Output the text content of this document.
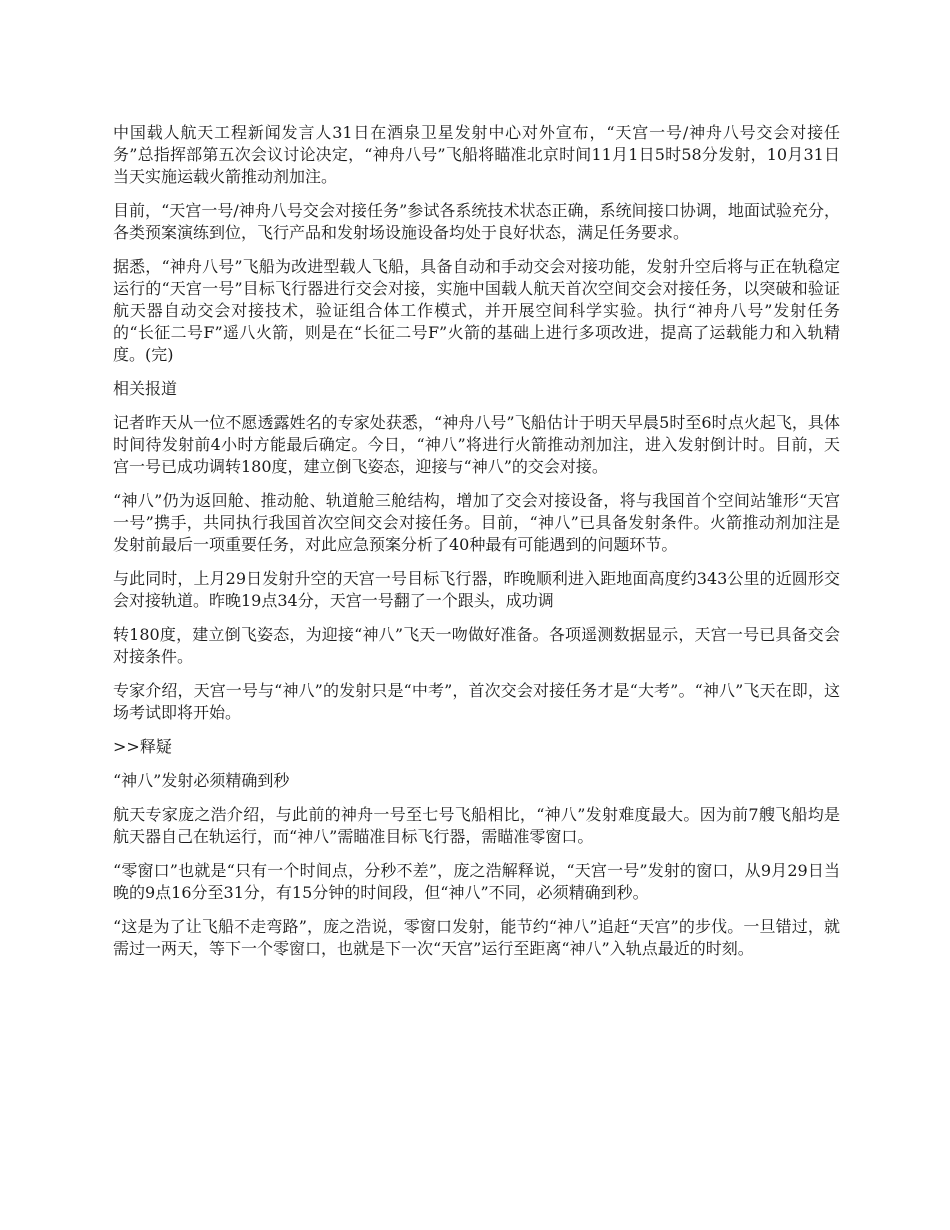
中国载人航天工程新闻发言人31日在酒泉卫星发射中心对外宣布，“天宫一号/神舟八号交会对接任务”总指挥部第五次会议讨论决定，“神舟八号”飞船将瞄准北京时间11月1日5时58分发射，10月31日当天实施运载火箭推动剂加注。

目前，“天宫一号/神舟八号交会对接任务”参试各系统技术状态正确，系统间接口协调，地面试验充分，各类预案演练到位，飞行产品和发射场设施设备均处于良好状态，满足任务要求。

据悉，“神舟八号”飞船为改进型载人飞船，具备自动和手动交会对接功能，发射升空后将与正在轨稳定运行的“天宫一号”目标飞行器进行交会对接，实施中国载人航天首次空间交会对接任务，以突破和验证航天器自动交会对接技术，验证组合体工作模式，并开展空间科学实验。执行“神舟八号”发射任务的“长征二号F”遥八火箭，则是在“长征二号F”火箭的基础上进行多项改进，提高了运载能力和入轨精度。(完)

相关报道

记者昨天从一位不愿透露姓名的专家处获悉，“神舟八号”飞船估计于明天早晨5时至6时点火起飞，具体时间待发射前4小时方能最后确定。今日，“神八”将进行火箭推动剂加注，进入发射倒计时。目前，天宫一号已成功调转180度，建立倒飞姿态，迎接与“神八”的交会对接。

“神八”仍为返回舱、推动舱、轨道舱三舱结构，增加了交会对接设备，将与我国首个空间站雏形“天宫一号”携手，共同执行我国首次空间交会对接任务。目前，“神八”已具备发射条件。火箭推动剂加注是发射前最后一项重要任务，对此应急预案分析了40种最有可能遇到的问题环节。

与此同时，上月29日发射升空的天宫一号目标飞行器，昨晚顺利进入距地面高度约343公里的近圆形交会对接轨道。昨晚19点34分，天宫一号翻了一个跟头，成功调

转180度，建立倒飞姿态，为迎接“神八”飞天一吻做好准备。各项遥测数据显示，天宫一号已具备交会对接条件。

专家介绍，天宫一号与“神八”的发射只是“中考”，首次交会对接任务才是“大考”。“神八”飞天在即，这场考试即将开始。

>>释疑

“神八”发射必须精确到秒

航天专家庞之浩介绍，与此前的神舟一号至七号飞船相比，“神八”发射难度最大。因为前7艘飞船均是航天器自己在轨运行，而“神八”需瞄准目标飞行器，需瞄准零窗口。

“零窗口”也就是“只有一个时间点，分秒不差”，庞之浩解释说，“天宫一号”发射的窗口，从9月29日当晚的9点16分至31分，有15分钟的时间段，但“神八”不同，必须精确到秒。

“这是为了让飞船不走弯路”，庞之浩说，零窗口发射，能节约“神八”追赶“天宫”的步伐。一旦错过，就需过一两天，等下一个零窗口，也就是下一次“天宫”运行至距离“神八”入轨点最近的时刻。
